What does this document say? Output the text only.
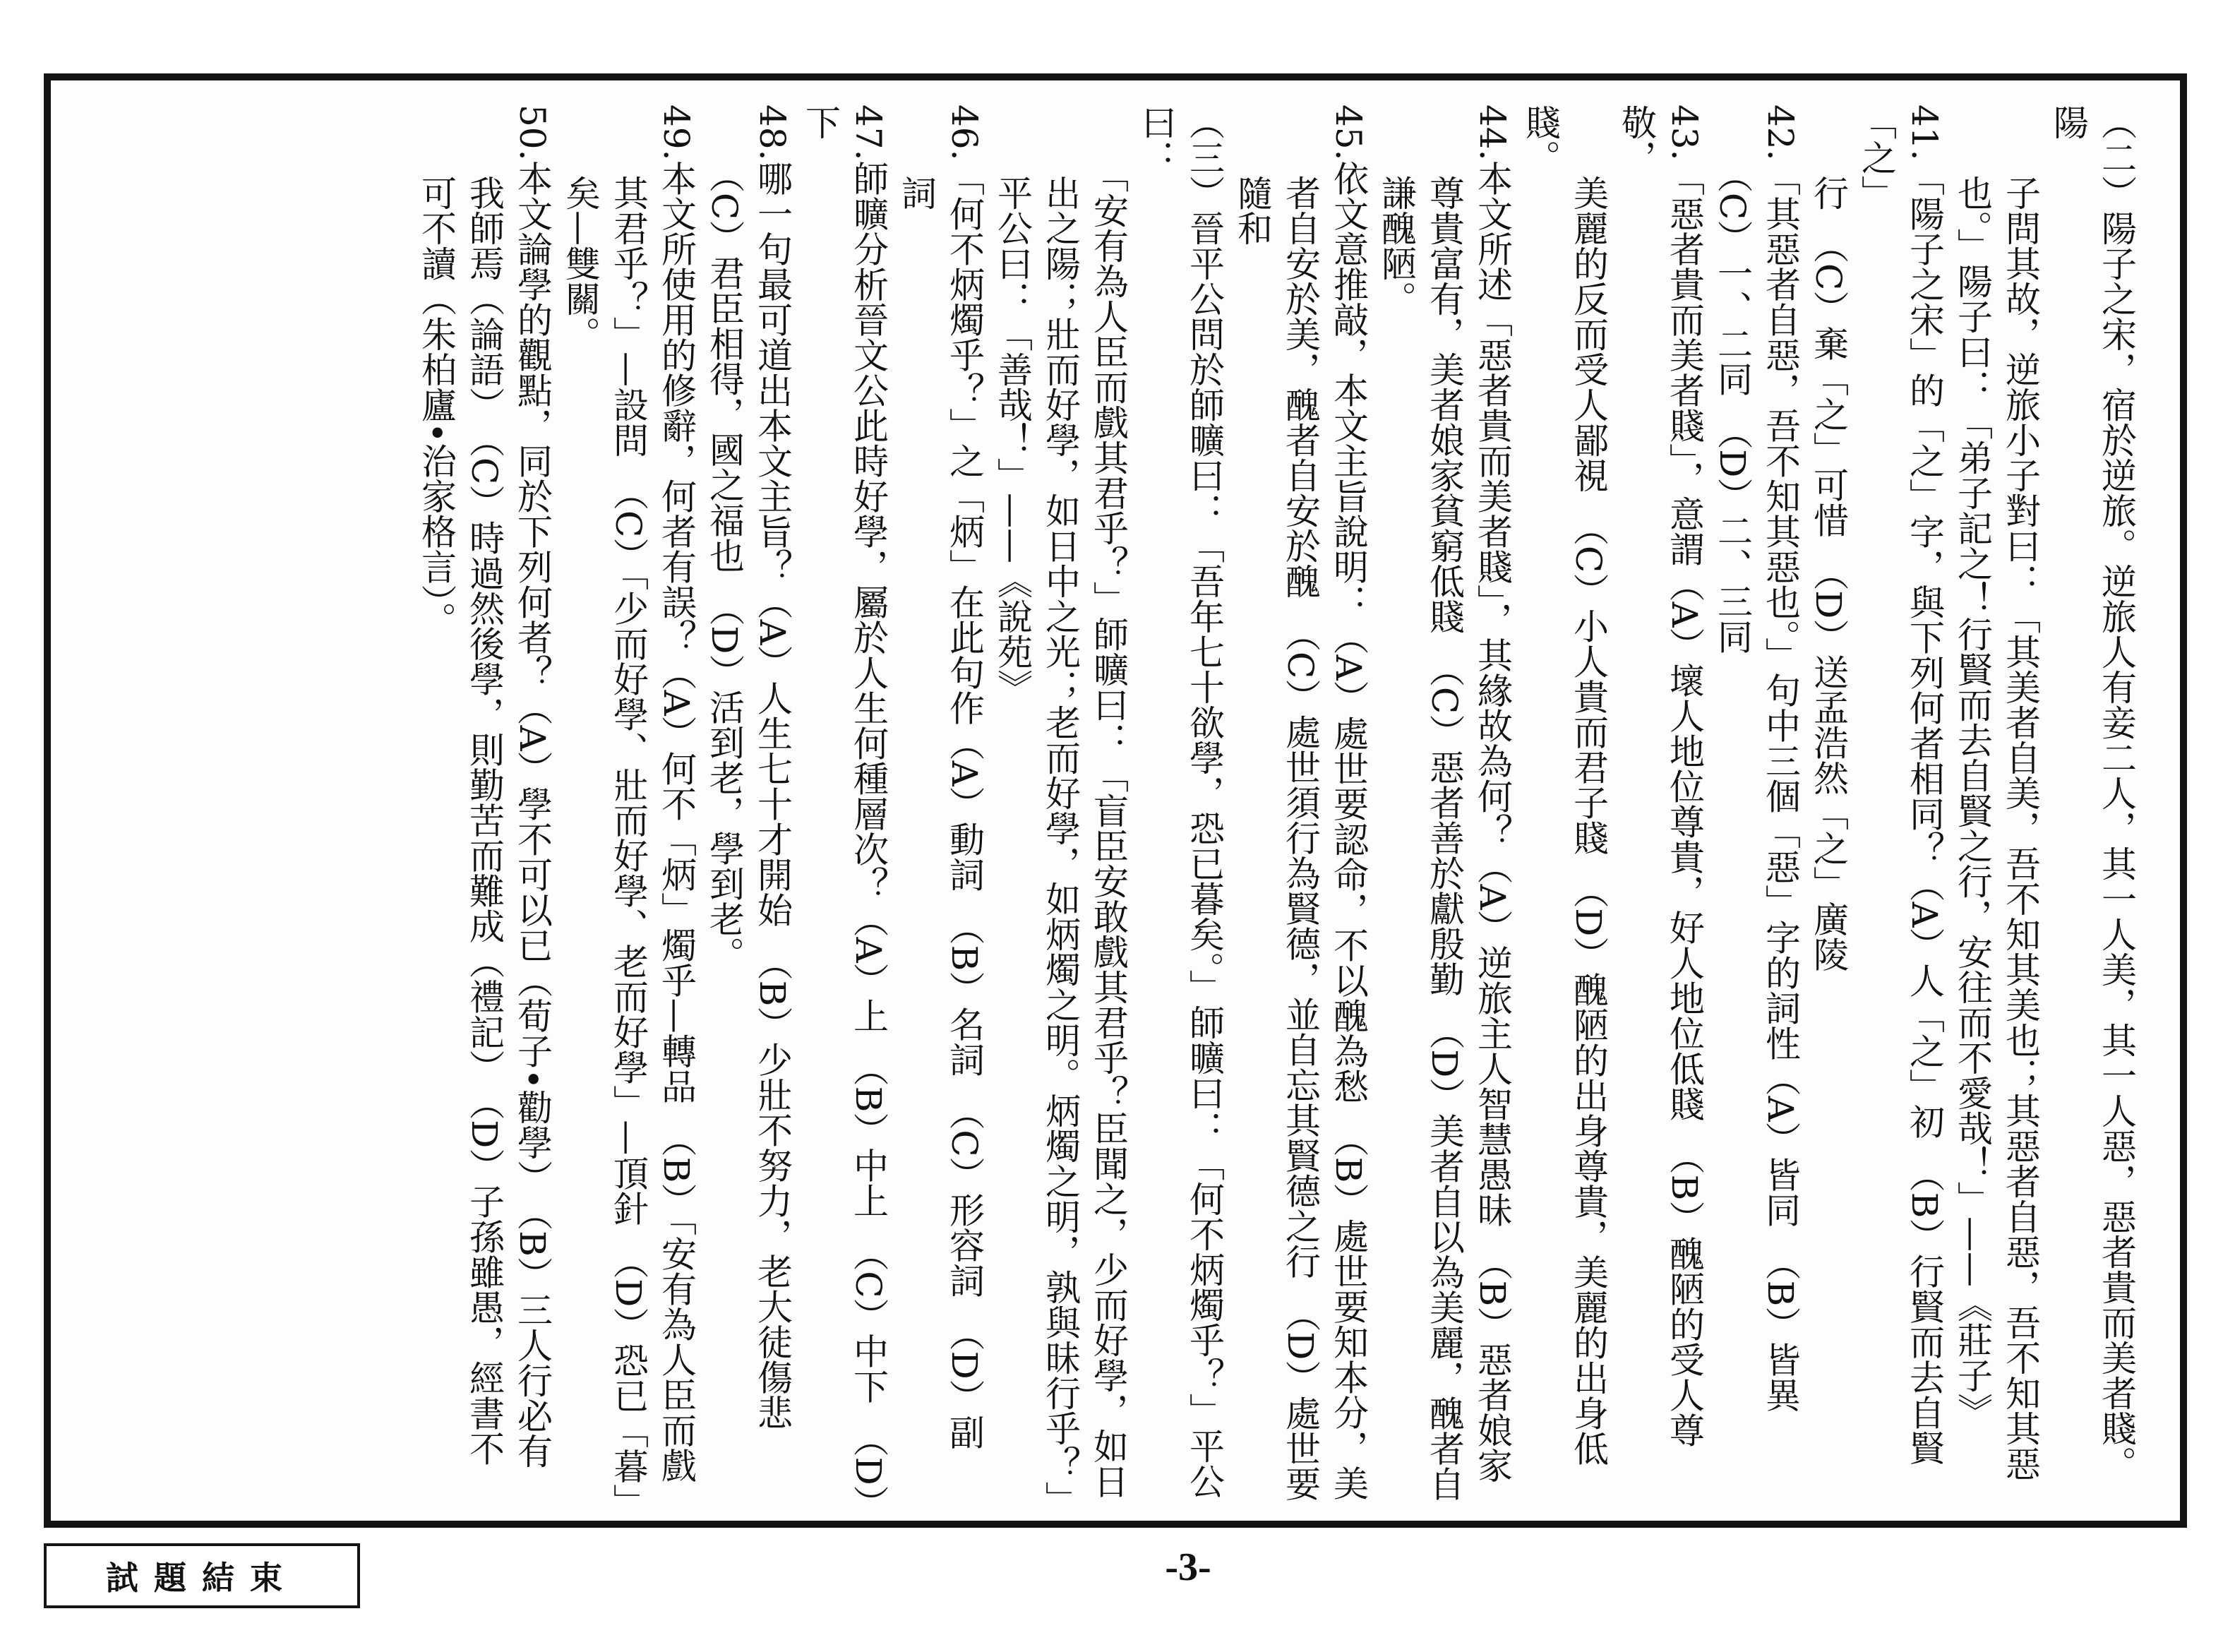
（二）陽子之宋，宿於逆旅。逆旅人有妾二人，其一人美，其一人惡，惡者貴而美者賤。陽
　　子問其故，逆旅小子對曰：「其美者自美，吾不知其美也；其惡者自惡，吾不知其惡
　　也。」陽子曰：「弟子記之！行賢而去自賢之行，安往而不愛哉！」——《莊子》
41.「陽子之宋」的「之」字，與下列何者相同？（A）人「之」初　（B）行賢而去自賢「之」
　　行　（C）棄「之」可惜　（D）送孟浩然「之」廣陵
42.「其惡者自惡，吾不知其惡也。」句中三個「惡」字的詞性（A）皆同　（B）皆異
　　（C）一、二同　（D）二、三同
43.「惡者貴而美者賤」，意謂（A）壞人地位尊貴，好人地位低賤　（B）醜陋的受人尊敬，
　　美麗的反而受人鄙視　（C）小人貴而君子賤　（D）醜陋的出身尊貴，美麗的出身低賤。
44.本文所述「惡者貴而美者賤」，其緣故為何？（A）逆旅主人智慧愚昧　（B）惡者娘家
　　尊貴富有，美者娘家貧窮低賤　（C）惡者善於獻殷勤　（D）美者自以為美麗，醜者自
　　謙醜陋。
45.依文意推敲，本文主旨說明：（A）處世要認命，不以醜為愁　（B）處世要知本分，美
　　者自安於美，醜者自安於醜　（C）處世須行為賢德，並自忘其賢德之行　（D）處世要
　　隨和
（三）晉平公問於師曠曰：「吾年七十欲學，恐已暮矣。」師曠曰：「何不炳燭乎？」平公曰：
　　「安有為人臣而戲其君乎？」師曠曰：「盲臣安敢戲其君乎？臣聞之，少而好學，如日
　　出之陽；壯而好學，如日中之光；老而好學，如炳燭之明。炳燭之明，孰與昧行乎？」
　　平公曰：「善哉！」——《說苑》
46.「何不炳燭乎？」之「炳」在此句作（A）動詞　（B）名詞　（C）形容詞　（D）副
　　詞
47.師曠分析晉文公此時好學，屬於人生何種層次？（A）上　（B）中上　（C）中下　（D）下
48.哪一句最可道出本文主旨？（A）人生七十才開始　（B）少壯不努力，老大徒傷悲
　　（C）君臣相得，國之福也　（D）活到老，學到老。
49.本文所使用的修辭，何者有誤？（A）何不「炳」燭乎—轉品　（B）「安有為人臣而戲
　　其君乎？」—設問　（C）「少而好學、壯而好學、老而好學」—頂針　（D）恐已「暮」
　　矣—雙關。
50.本文論學的觀點，同於下列何者？（A）學不可以已（荀子•勸學）　（B）三人行必有
　　我師焉（論語）　（C）時過然後學，則勤苦而難成（禮記）　（D）子孫雖愚，經書不
　　可不讀（朱柏廬•治家格言）。
試題結束	-3-
